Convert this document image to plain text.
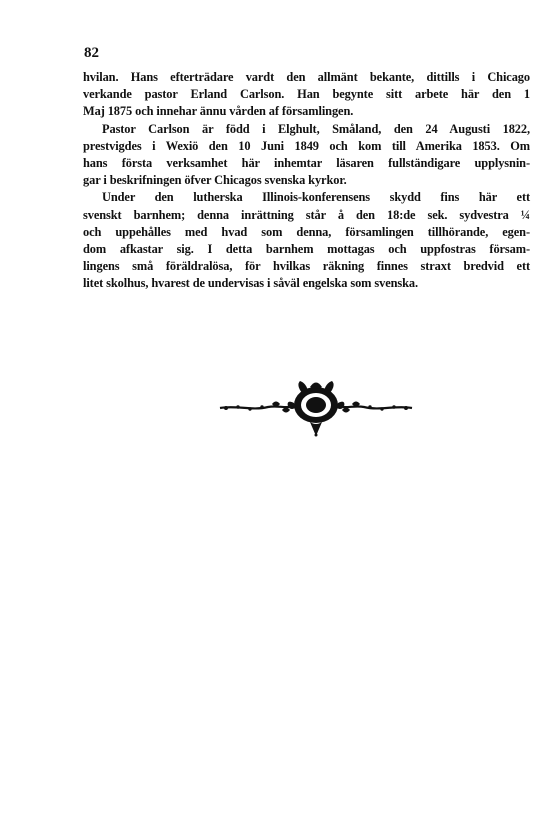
82
hvilan. Hans efterträdare vardt den allmänt bekante, dittills i Chicago
verkande pastor Erland Carlson. Han begynte sitt arbete här den 1
Maj 1875 och innehar ännu vården af församlingen.
Pastor Carlson är född i Elghult, Småland, den 24 Augusti 1822,
prestvigdes i Wexiö den 10 Juni 1849 och kom till Amerika 1853. Om
hans första verksamhet här inhemtar läsaren fullständigare upplysnin-
gar i beskrifningen öfver Chicagos svenska kyrkor.
Under den lutherska Illinois-konferensens skydd fins här ett
svenskt barnhem; denna inrättning står å den 18:de sek. sydvestra ¼
och uppehålles med hvad som denna, församlingen tillhörande, egen-
dom afkastar sig. I detta barnhem mottagas och uppfostras försam-
lingens små föräldralösa, för hvilkas räkning finnes straxt bredvid ett
litet skolhus, hvarest de undervisas i såväl engelska som svenska.
